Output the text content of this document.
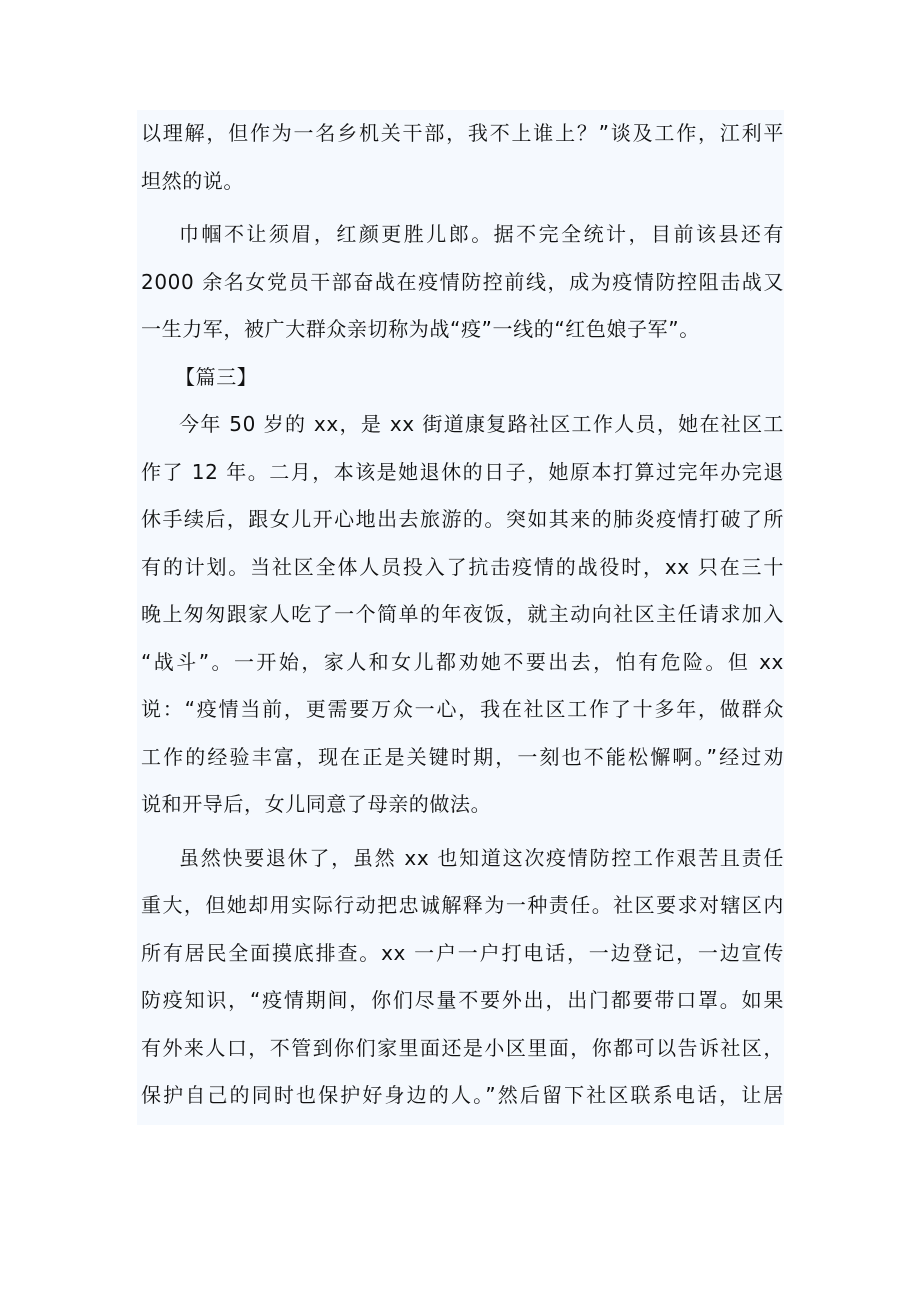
以理解，但作为一名乡机关干部，我不上谁上？”谈及工作，江利平
坦然的说。
巾帼不让须眉，红颜更胜儿郎。据不完全统计，目前该县还有
2000 余名女党员干部奋战在疫情防控前线，成为疫情防控阻击战又
一生力军，被广大群众亲切称为战“疫”一线的“红色娘子军”。
【篇三】
今年 50 岁的 xx，是 xx 街道康复路社区工作人员，她在社区工
作了 12 年。二月，本该是她退休的日子，她原本打算过完年办完退
休手续后，跟女儿开心地出去旅游的。突如其来的肺炎疫情打破了所
有的计划。当社区全体人员投入了抗击疫情的战役时，xx 只在三十
晚上匆匆跟家人吃了一个简单的年夜饭，就主动向社区主任请求加入
“战斗”。一开始，家人和女儿都劝她不要出去，怕有危险。但 xx
说：“疫情当前，更需要万众一心，我在社区工作了十多年，做群众
工作的经验丰富，现在正是关键时期，一刻也不能松懈啊。”经过劝
说和开导后，女儿同意了母亲的做法。
虽然快要退休了，虽然 xx 也知道这次疫情防控工作艰苦且责任
重大，但她却用实际行动把忠诚解释为一种责任。社区要求对辖区内
所有居民全面摸底排查。xx 一户一户打电话，一边登记，一边宣传
防疫知识，“疫情期间，你们尽量不要外出，出门都要带口罩。如果
有外来人口，不管到你们家里面还是小区里面，你都可以告诉社区，
保护自己的同时也保护好身边的人。”然后留下社区联系电话，让居
